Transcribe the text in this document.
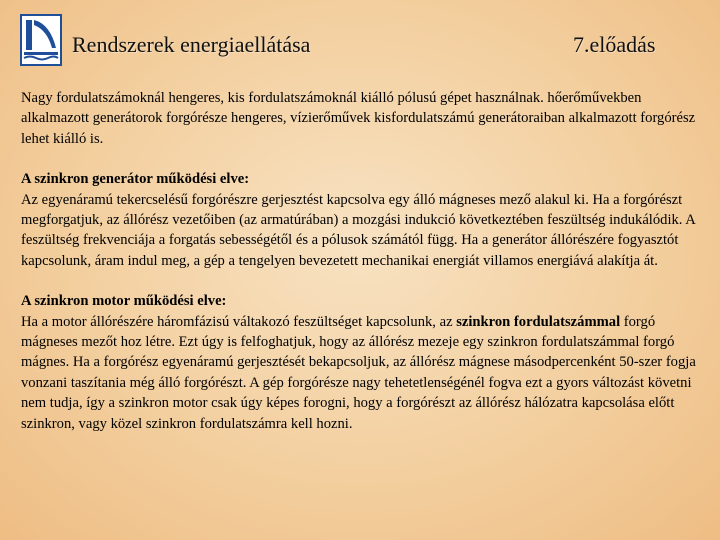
Rendszerek energiaellátása	7.előadás

Nagy fordulatszámoknál hengeres, kis fordulatszámoknál kiálló pólusú gépet használnak. hőerőművekben alkalmazott generátorok forgórésze hengeres, vízierőművek kisfordulatszámú generátoraiban alkalmazott forgórész lehet kiálló is.

A szinkron generátor működési elve:

Az egyenáramú tekercselésű forgórészre gerjesztést kapcsolva egy álló mágneses mező alakul ki. Ha a forgórészt megforgatjuk, az állórész vezetőiben (az armatúrában) a mozgási indukció következtében feszültség indukálódik. A feszültség frekvenciája a forgatás sebességétől és a pólusok számától függ. Ha a generátor állórészére fogyasztót kapcsolunk, áram indul meg, a gép a tengelyen bevezetett mechanikai energiát villamos energiává alakítja át.

A szinkron motor működési elve:

Ha a motor állórészére háromfázisú váltakozó feszültséget kapcsolunk, az szinkron fordulatszámmal forgó mágneses mezőt hoz létre. Ezt úgy is felfoghatjuk, hogy az állórész mezeje egy szinkron fordulatszámmal forgó mágnes. Ha a forgórész egyenáramú gerjesztését bekapcsoljuk, az állórész mágnese másodpercenként 50-szer fogja vonzani taszítania még álló forgórészt. A gép forgórésze nagy tehetetlenségénél fogva ezt a gyors változást követni nem tudja, így a szinkron motor csak úgy képes forogni, hogy a forgórészt az állórész hálózatra kapcsolása előtt szinkron, vagy közel szinkron fordulatszámra kell hozni.
